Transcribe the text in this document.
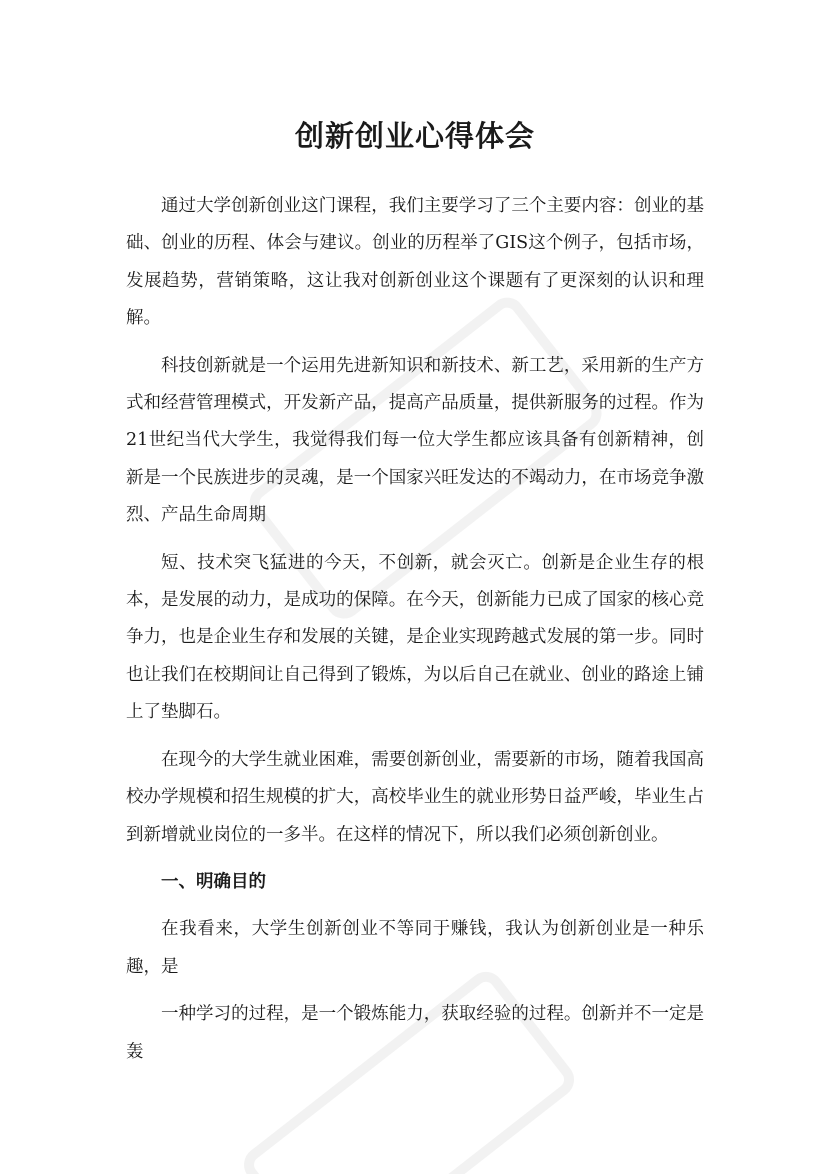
创新创业心得体会

通过大学创新创业这门课程，我们主要学习了三个主要内容：创业的基础、创业的历程、体会与建议。创业的历程举了GIS这个例子，包括市场，发展趋势，营销策略，这让我对创新创业这个课题有了更深刻的认识和理解。

科技创新就是一个运用先进新知识和新技术、新工艺，采用新的生产方式和经营管理模式，开发新产品，提高产品质量，提供新服务的过程。作为21世纪当代大学生，我觉得我们每一位大学生都应该具备有创新精神，创新是一个民族进步的灵魂，是一个国家兴旺发达的不竭动力，在市场竞争激烈、产品生命周期

短、技术突飞猛进的今天，不创新，就会灭亡。创新是企业生存的根本，是发展的动力，是成功的保障。在今天，创新能力已成了国家的核心竞争力，也是企业生存和发展的关键，是企业实现跨越式发展的第一步。同时也让我们在校期间让自己得到了锻炼，为以后自己在就业、创业的路途上铺上了垫脚石。

在现今的大学生就业困难，需要创新创业，需要新的市场，随着我国高校办学规模和招生规模的扩大，高校毕业生的就业形势日益严峻，毕业生占到新增就业岗位的一多半。在这样的情况下，所以我们必须创新创业。

一、明确目的

在我看来，大学生创新创业不等同于赚钱，我认为创新创业是一种乐趣，是

一种学习的过程，是一个锻炼能力，获取经验的过程。创新并不一定是轰
